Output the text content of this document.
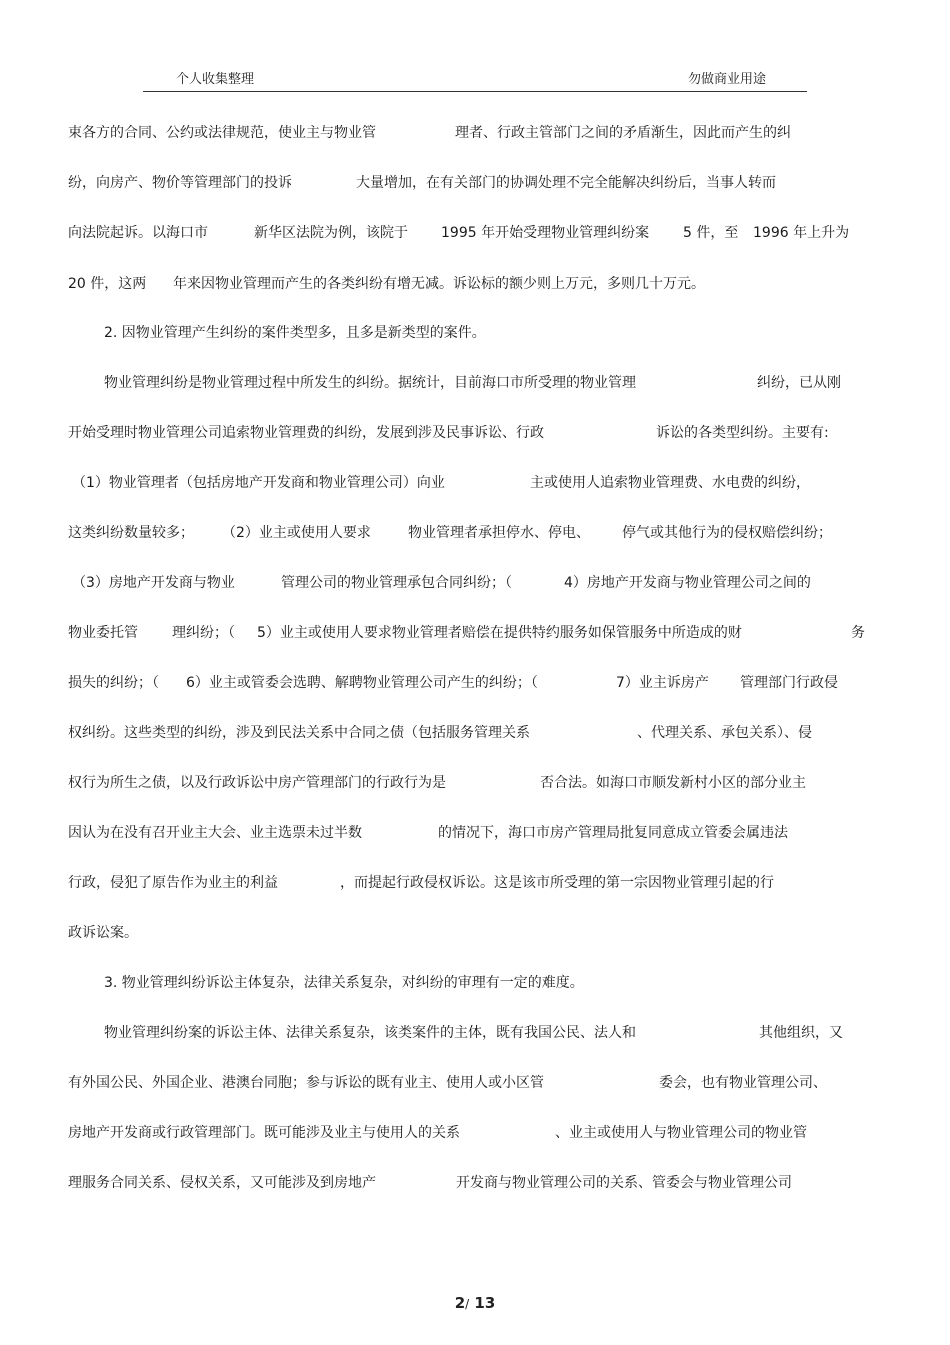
个人收集整理	勿做商业用途
束各方的合同、公约或法律规范，使业主与物业管	理者、行政主管部门之间的矛盾渐生，因此而产生的纠
纷，向房产、物价等管理部门的投诉	大量增加，在有关部门的协调处理不完全能解决纠纷后，当事人转而
向法院起诉。以海口市	新华区法院为例，该院于 1995 年开始受理物业管理纠纷案 5 件，至 1996 年上升为
20 件，这两 年来因物业管理而产生的各类纠纷有增无减。诉讼标的额少则上万元，多则几十万元。
2. 因物业管理产生纠纷的案件类型多，且多是新类型的案件。
物业管理纠纷是物业管理过程中所发生的纠纷。据统计，目前海口市所受理的物业管理	纠纷，已从刚
开始受理时物业管理公司追索物业管理费的纠纷，发展到涉及民事诉讼、行政	诉讼的各类型纠纷。主要有:
（1）物业管理者（包括房地产开发商和物业管理公司）向业	主或使用人追索物业管理费、水电费的纠纷，
这类纠纷数量较多； （2）业主或使用人要求	物业管理者承担停水、停电、 停气或其他行为的侵权赔偿纠纷；
（3）房地产开发商与物业	管理公司的物业管理承包合同纠纷；（	4）房地产开发商与物业管理公司之间的
物业委托管 理纠纷；（ 5）业主或使用人要求物业管理者赔偿在提供特约服务如保管服务中所造成的财	务
损失的纠纷；（ 6）业主或管委会选聘、解聘物业管理公司产生的纠纷；（	7）业主诉房产 管理部门行政侵
权纠纷。这些类型的纠纷，涉及到民法关系中合同之债（包括服务管理关系	、代理关系、承包关系）、侵
权行为所生之债，以及行政诉讼中房产管理部门的行政行为是	否合法。如海口市顺发新村小区的部分业主
因认为在没有召开业主大会、业主选票未过半数	的情况下，海口市房产管理局批复同意成立管委会属违法
行政，侵犯了原告作为业主的利益	，而提起行政侵权诉讼。这是该市所受理的第一宗因物业管理引起的行
政诉讼案。
3. 物业管理纠纷诉讼主体复杂，法律关系复杂，对纠纷的审理有一定的难度。
物业管理纠纷案的诉讼主体、法律关系复杂，该类案件的主体，既有我国公民、法人和	其他组织，又
有外国公民、外国企业、港澳台同胞；参与诉讼的既有业主、使用人或小区管	委会，也有物业管理公司、
房地产开发商或行政管理部门。既可能涉及业主与使用人的关系	、业主或使用人与物业管理公司的物业管
理服务合同关系、侵权关系，又可能涉及到房地产	开发商与物业管理公司的关系、管委会与物业管理公司
2/ 13
